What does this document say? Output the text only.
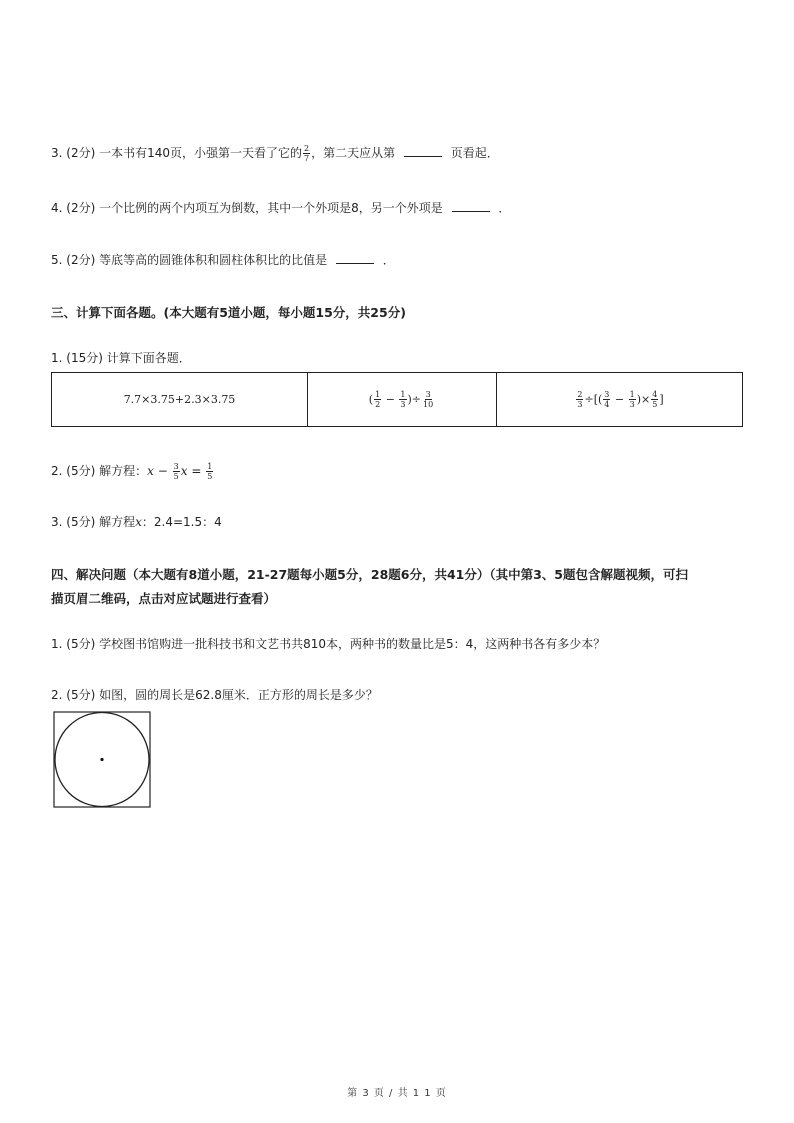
3. (2分) 一本书有140页，小强第一天看了它的 $\frac{2}{7}$ ，第二天应从第	页看起．
4. (2分) 一个比例的两个内项互为倒数，其中一个外项是8，另一个外项是	．
5. (2分) 等底等高的圆锥体积和圆柱体积比的比值是	．
三、计算下面各题。(本大题有5道小题，每小题15分，共25分)
1. (15分) 计算下面各题．
7.7×3.75+2.3×3.75	( $\frac{1}{2} - \frac{1}{3}$ )÷ $\frac{3}{10}$	$\frac{2}{3}$ ÷[( $\frac{3}{4} - \frac{1}{3}$ )× $\frac{4}{5}$ ]
2. (5分) 解方程：$x - \frac{3}{5}$ $x = \frac{1}{5}$
3. (5分) 解方程x：2.4=1.5：4
四、解决问题（本大题有8道小题，21-27题每小题5分，28题6分，共41分）（其中第3、5题包含解题视频，可扫
描页眉二维码，点击对应试题进行查看）
1. (5分) 学校图书馆购进一批科技书和文艺书共810本，两种书的数量比是5：4，这两种书各有多少本？
2. (5分) 如图，圆的周长是62.8厘米．正方形的周长是多少？
第 3 页 / 共 1 1 页
